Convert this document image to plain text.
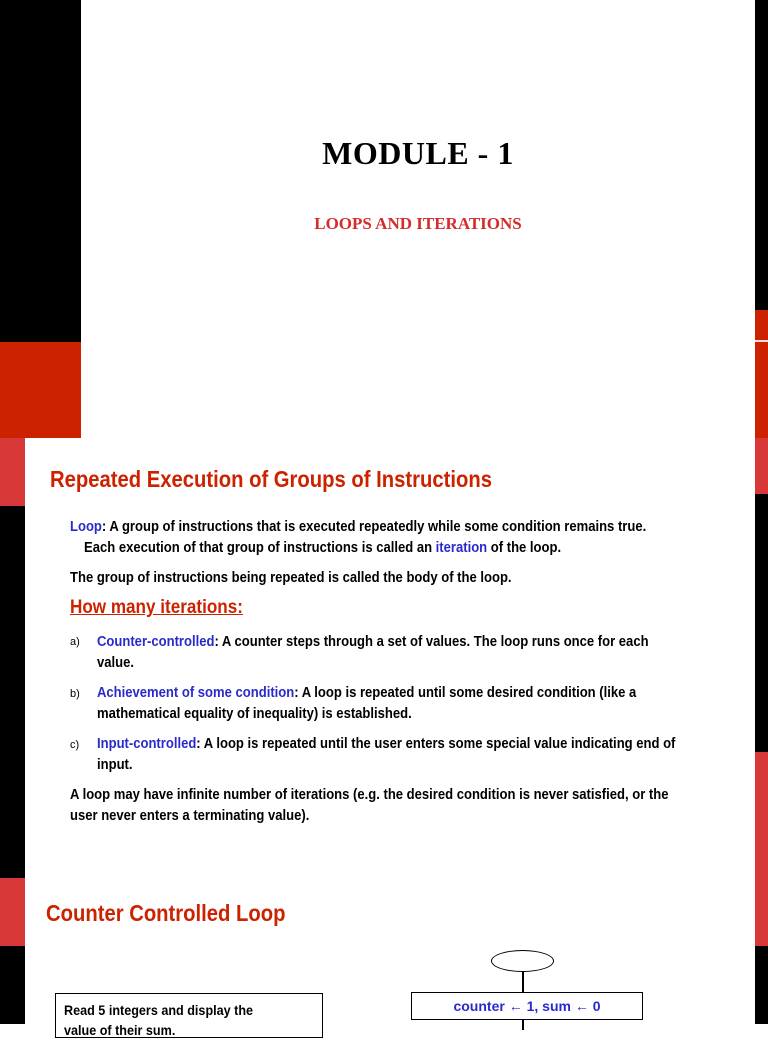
MODULE - 1
LOOPS AND ITERATIONS
Repeated Execution of Groups of Instructions
Loop: A group of instructions that is executed repeatedly while some condition remains true.
Each execution of that group of instructions is called an iteration of the loop.
The group of instructions being repeated is called the body of the loop.
How many iterations:
a) Counter-controlled: A counter steps through a set of values. The loop runs once for each
value.
b) Achievement of some condition: A loop is repeated until some desired condition (like a
mathematical equality of inequality) is established.
c) Input-controlled: A loop is repeated until the user enters some special value indicating end of
input.
A loop may have infinite number of iterations (e.g. the desired condition is never satisfied, or the
user never enters a terminating value).
Counter Controlled Loop
Read 5 integers and display the
value of their sum.
counter ← 1, sum ← 0
